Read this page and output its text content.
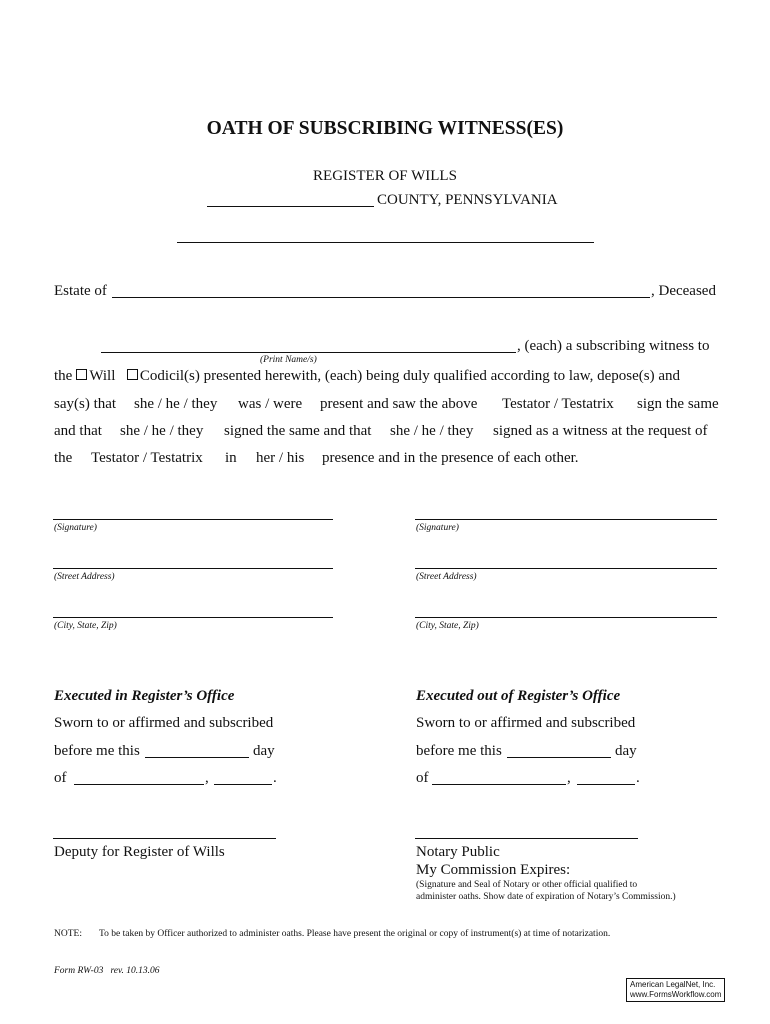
OATH OF SUBSCRIBING WITNESS(ES)
REGISTER OF WILLS
COUNTY, PENNSYLVANIA
Estate of	, Deceased
, (each) a subscribing witness to
(Print Name/s)
the Will Codicil(s) presented herewith, (each) being duly qualified according to law, depose(s) and
say(s) that she / he / they was / were present and saw the above Testator / Testatrix sign the same
and that she / he / they signed the same and that she / he / they signed as a witness at the request of
the Testator / Testatrix in her / his presence and in the presence of each other.
(Signature)
(Street Address)
(City, State, Zip)
(Signature)
(Street Address)
(City, State, Zip)
Executed in Register’s Office
Sworn to or affirmed and subscribed
before me this	day
of	,	.
Deputy for Register of Wills
Executed out of Register’s Office
Sworn to or affirmed and subscribed
before me this	day
of	,	.
Notary Public
My Commission Expires:
(Signature and Seal of Notary or other official qualified to
administer oaths. Show date of expiration of Notary’s Commission.)
NOTE: To be taken by Officer authorized to administer oaths. Please have present the original or copy of instrument(s) at time of notarization.
Form RW-03   rev. 10.13.06
American LegalNet, Inc.
www.FormsWorkflow.com
